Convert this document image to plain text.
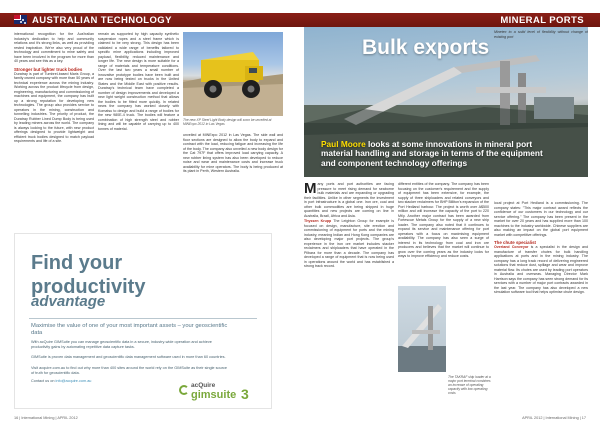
AUSTRALIAN TECHNOLOGY

international recognition for the Aus'tralian industry's dedication to help and community relations and it's strong links, as well as providing rested inspiration. We're also very proud of the technology and commitment to mine safety and have been involved in the program for more than 40 years and see this as a key.

Stronger but lighter truck bodies

Duratray is part of Tumbrel-based Maris Group, a family owned company with more than 50 years of technical experience across the mining industry. Working across the product lifecycle from design, engineering, manufacturing and commissioning of machines and equipment, the company has built up a strong reputation for developing new technologies. The group also provides service to operators in the mining, construction and tunnelling industries. The priority of product, the Duratray Rubber Lined Dump Body is being used by leading miners across the world. The company is always looking to the future, with new product offerings designed to provide lightweight and efficient truck bodies designed to match payload requirements and life of a site.

remain as supported by high capacity synthetic suspension ropes and a steel frame which is claimed to be very strong. This design has been validated a wide range of benefits tailored to specific mine applications including improved payload, flexibility, reduced maintenance and longer life. The new design is more suitable for a range of materials and temperature conditions. Over the last two years a small number of innovative prototype bodies have been built and are now being tested on trucks in the United States and the Middle East with positive results. Duratray's technical team have completed a number of design improvements and developed a new light weight construction method that allows the bodies to be fitted more quickly. In related news the company has worked closely with Komatsu to design and build a range of bodies for the new 980E-4 truck. The bodies will feature a combination of high strength steel and rubber lining and will be capable of carrying up to 400 tonnes of material.

The new XP Steel Light Body design will soon be unveiled at MINExpo 2012 in Las Vegas

unveiled at MINExpo 2012 in Las Vegas. The side wall and floor sections are designed to allow the body to expand and contract with the load, reducing fatigue and increasing the life of the body. The company also unveiled a new body design for the Cat 797F that offers improved load carrying capacity. A new rubber lining system has also been developed to reduce noise and wear and maintenance costs and increase truck availability for mine operators. The body is being produced at its plant in Perth, Western Australia.

Find your
productivity
advantage

Maximise the value of one of your most important assets – your geoscientific data

With acQuire GIMSuite you can manage geoscientific data in a secure, industry-wide operation and achieve productivity gains by automating repetitive data capture tasks.

GIMSuite is proven data management and geoscientific data management software used in more than 60 countries.

Visit acquire.com.au to find out why more than 400 sites around the world rely on the GIMSuite as their single source of truth for geoscientific data.

Contact us on info@acquire.com.au

acQuire
gimsuite 3
16 | International Mining | APRIL 2012
MINERAL PORTS
Bulk exports
Paul Moore looks at some innovations in mineral port material handling and storage in terms of the equipment and component technology offerings

Many ports and port authorities are facing pressure to meet rising demand for seaborne bulk materials and are expanding or upgrading their facilities. Unlike in other segments the investment in port infrastructure is a global one. Iron ore, coal and other bulk commodities are being shipped in huge quantities and new projects are coming on line in Australia, Brazil, Africa and Asia.

Thyssen Krupp The Leighton Group for example is focused on design, manufacture, site erection and commissioning of equipment for ports and the mining industry, meaning Indian and Hong Kong companies are also developing major port projects. The group's experience in the iron ore market includes stacker reclaimers and shiploaders that have operated in the Pilbara for more than a decade. The company has developed a range of equipment that is now being used in operations around the world and has established a strong track record.

different entities of the company. The company has been focusing on the customer's requirement and the supply of equipment has been extensive, for example, the supply of three shiploaders and related conveyors and two stacker reclaimers for BHP Billiton's expansion of the Port Hedland harbour. The project is worth over A$500 million and will increase the capacity of the port to 220 Mt/y. Another major contract has been awarded from Fortescue Metals Group for the supply of a new ship loader. The company also noted that it continues to expand its service and maintenance offering for port operators with a focus on maximising equipment availability. The company has also seen a surge of interest in its technology from coal and iron ore producers and believes that the market will continue to grow over the coming years as the industry looks for ways to improve efficiency and reduce costs.

The TAKRAF ship loader at a major port terminal combines an increase of operating capacity with low operating costs

Minetec to a solid level of flexibility without change of existing port

local project at Port Hedland is a commissioning. The company states: "This major contract award reflects the confidence of our customers in our technology and our service offering." The company has been present in the market for over 20 years and has supplied more than 100 machines to the industry worldwide. Chinese suppliers are also making an impact on the global port equipment market with competitive offerings.

The chute specialist

Overland Conveyor is a specialist in the design and manufacture of transfer chutes for bulk handling applications at ports and in the mining industry. The company has a long track record of delivering engineered solutions that reduce dust, spillage and wear and improve material flow. Its chutes are used by leading port operators in Australia and overseas. Managing Director Mark Harrison says the company has seen strong demand for its services with a number of major port contracts awarded in the last year. The company has also developed a new simulation software tool that helps optimise chute design.

APRIL 2012 | International Mining | 17
